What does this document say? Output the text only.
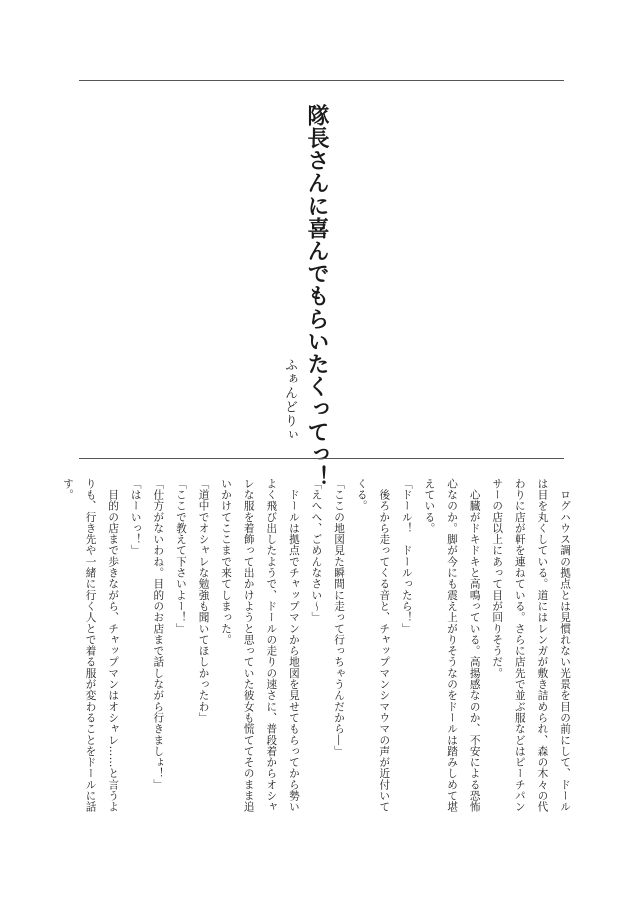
隊長さんに喜んでもらいたくってっ！
ふぁんどりぃ

　ログハウス調の拠点とは見慣れない光景を目の前にして、ドール

は目を丸くしている。道にはレンガが敷き詰められ、森の木々の代

わりに店が軒を連ねている。さらに店先で並ぶ服などはピーチパン

サーの店以上にあって目が回りそうだ。

　心臓がドキドキと高鳴っている。高揚感なのか、不安による恐怖

心なのか。脚が今にも震え上がりそうなのをドールは踏みしめて堪

えている。

「ドール！　ドールったら！」

　後ろから走ってくる音と、チャップマンシマウマの声が近付いて

くる。

「ここの地図見た瞬間に走って行っちゃうんだから―」

「えへへ、ごめんなさい〜」

　ドールは拠点でチャップマンから地図を見せてもらってから勢い

よく飛び出したようで、ドールの走りの速さに、普段着からオシャ

レな服を着飾って出かけようと思っていた彼女も慌ててそのまま追

いかけてここまで来てしまった。

「道中でオシャレな勉強も聞いてほしかったわ」

「ここで教えて下さいよー！」

「仕方がないわね。目的のお店まで話しながら行きましょ！」

「はーいっ！」

　目的の店まで歩きながら、チャップマンはオシャレ……と言うよ

りも、行き先や一緒に行く人とで着る服が変わることをドールに話

す。
